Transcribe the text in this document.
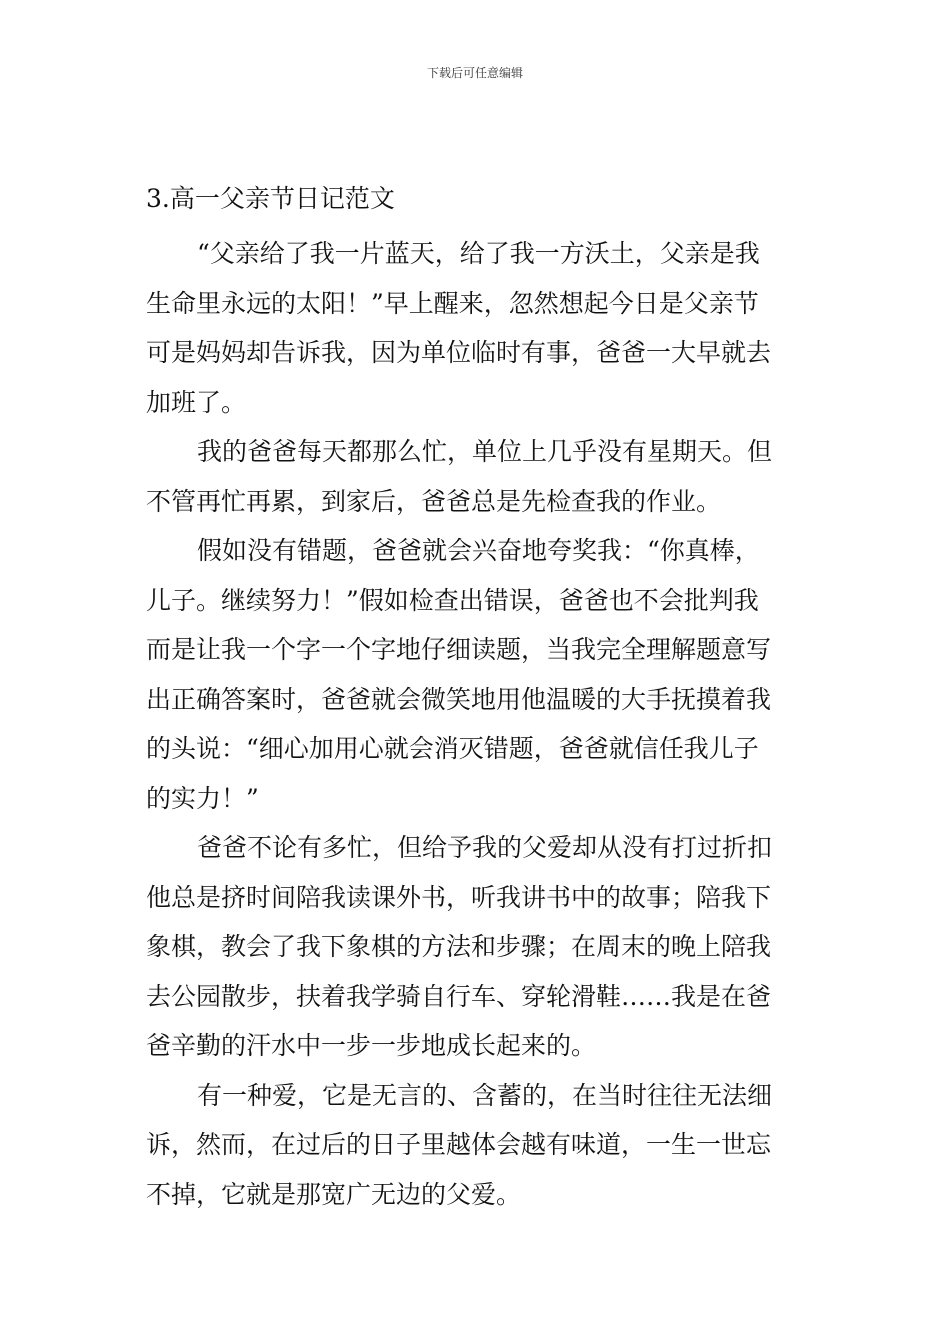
下载后可任意编辑
3.高一父亲节日记范文
“父亲给了我一片蓝天，给了我一方沃土，父亲是我
生命里永远的太阳！”早上醒来，忽然想起今日是父亲节
可是妈妈却告诉我，因为单位临时有事，爸爸一大早就去
加班了。
我的爸爸每天都那么忙，单位上几乎没有星期天。但
不管再忙再累，到家后，爸爸总是先检查我的作业。
假如没有错题，爸爸就会兴奋地夸奖我：“你真棒，
儿子。继续努力！”假如检查出错误，爸爸也不会批判我
而是让我一个字一个字地仔细读题，当我完全理解题意写
出正确答案时，爸爸就会微笑地用他温暖的大手抚摸着我
的头说：“细心加用心就会消灭错题，爸爸就信任我儿子
的实力！”
爸爸不论有多忙，但给予我的父爱却从没有打过折扣
他总是挤时间陪我读课外书，听我讲书中的故事；陪我下
象棋，教会了我下象棋的方法和步骤；在周末的晚上陪我
去公园散步，扶着我学骑自行车、穿轮滑鞋……我是在爸
爸辛勤的汗水中一步一步地成长起来的。
有一种爱，它是无言的、含蓄的，在当时往往无法细
诉，然而，在过后的日子里越体会越有味道，一生一世忘
不掉，它就是那宽广无边的父爱。
